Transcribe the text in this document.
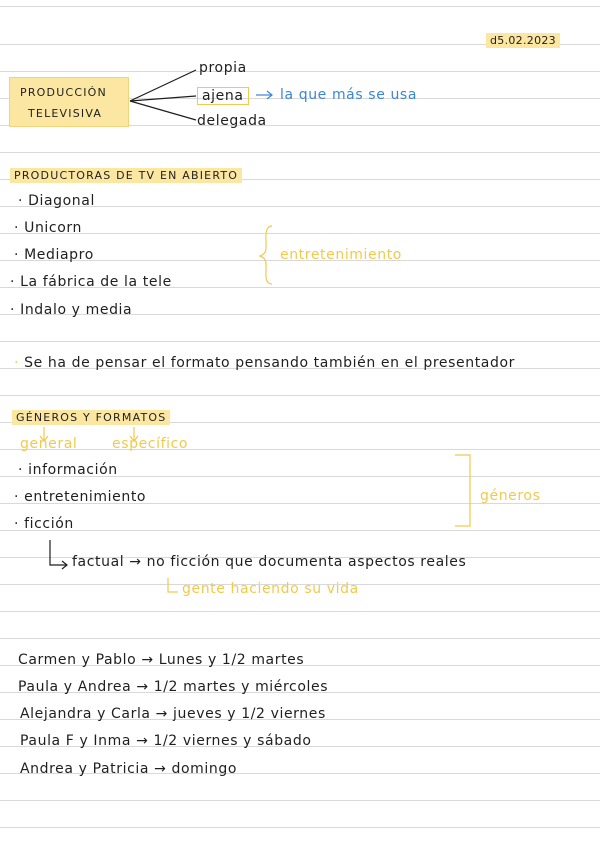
d5.02.2023
PRODUCCIÓN
TELEVISIVA
propia
ajena
delegada
la que más se usa
PRODUCTORAS DE TV EN ABIERTO
· Diagonal
· Unicorn
· Mediapro
· La fábrica de la tele
· Indalo y media
entretenimiento
· Se ha de pensar el formato pensando también en el presentador
GÉNEROS Y FORMATOS
general específico
· información
· entretenimiento
· ficción
géneros
factual → no ficción que documenta aspectos reales
gente haciendo su vida
Carmen y Pablo → Lunes y 1/2 martes
Paula y Andrea → 1/2 martes y miércoles
Alejandra y Carla → jueves y 1/2 viernes
Paula F y Inma → 1/2 viernes y sábado
Andrea y Patricia → domingo
